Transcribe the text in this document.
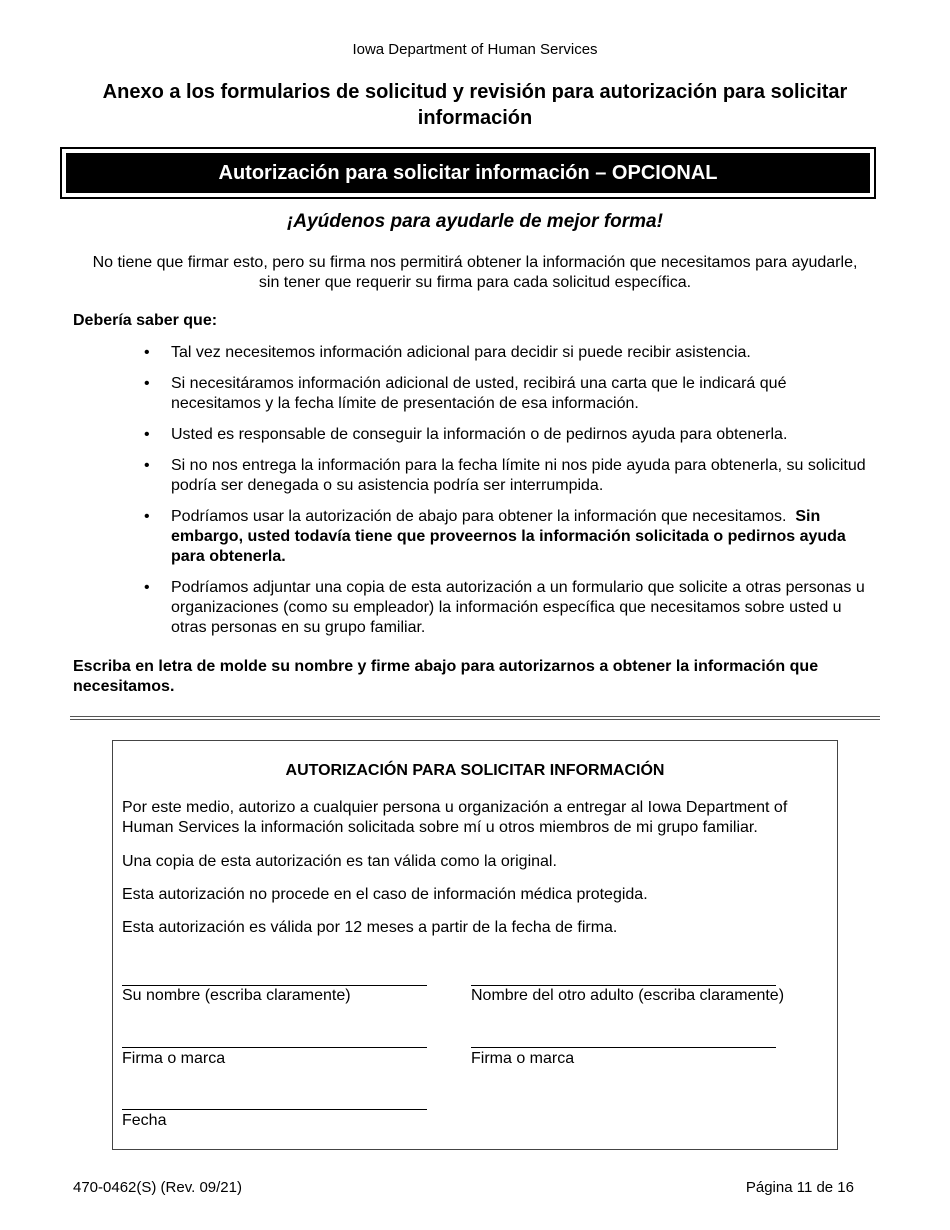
Iowa Department of Human Services
Anexo a los formularios de solicitud y revisión para autorización para solicitar información
Autorización para solicitar información – OPCIONAL
¡Ayúdenos para ayudarle de mejor forma!
No tiene que firmar esto, pero su firma nos permitirá obtener la información que necesitamos para ayudarle, sin tener que requerir su firma para cada solicitud específica.
Debería saber que:
• Tal vez necesitemos información adicional para decidir si puede recibir asistencia.
• Si necesitáramos información adicional de usted, recibirá una carta que le indicará qué necesitamos y la fecha límite de presentación de esa información.
• Usted es responsable de conseguir la información o de pedirnos ayuda para obtenerla.
• Si no nos entrega la información para la fecha límite ni nos pide ayuda para obtenerla, su solicitud podría ser denegada o su asistencia podría ser interrumpida.
• Podríamos usar la autorización de abajo para obtener la información que necesitamos. Sin embargo, usted todavía tiene que proveernos la información solicitada o pedirnos ayuda para obtenerla.
• Podríamos adjuntar una copia de esta autorización a un formulario que solicite a otras personas u organizaciones (como su empleador) la información específica que necesitamos sobre usted u otras personas en su grupo familiar.
Escriba en letra de molde su nombre y firme abajo para autorizarnos a obtener la información que necesitamos.
AUTORIZACIÓN PARA SOLICITAR INFORMACIÓN
Por este medio, autorizo a cualquier persona u organización a entregar al Iowa Department of Human Services la información solicitada sobre mí u otros miembros de mi grupo familiar.
Una copia de esta autorización es tan válida como la original.
Esta autorización no procede en el caso de información médica protegida.
Esta autorización es válida por 12 meses a partir de la fecha de firma.
Su nombre (escriba claramente)	Nombre del otro adulto (escriba claramente)
Firma o marca	Firma o marca
Fecha
470-0462(S) (Rev. 09/21)	Página 11 de 16
